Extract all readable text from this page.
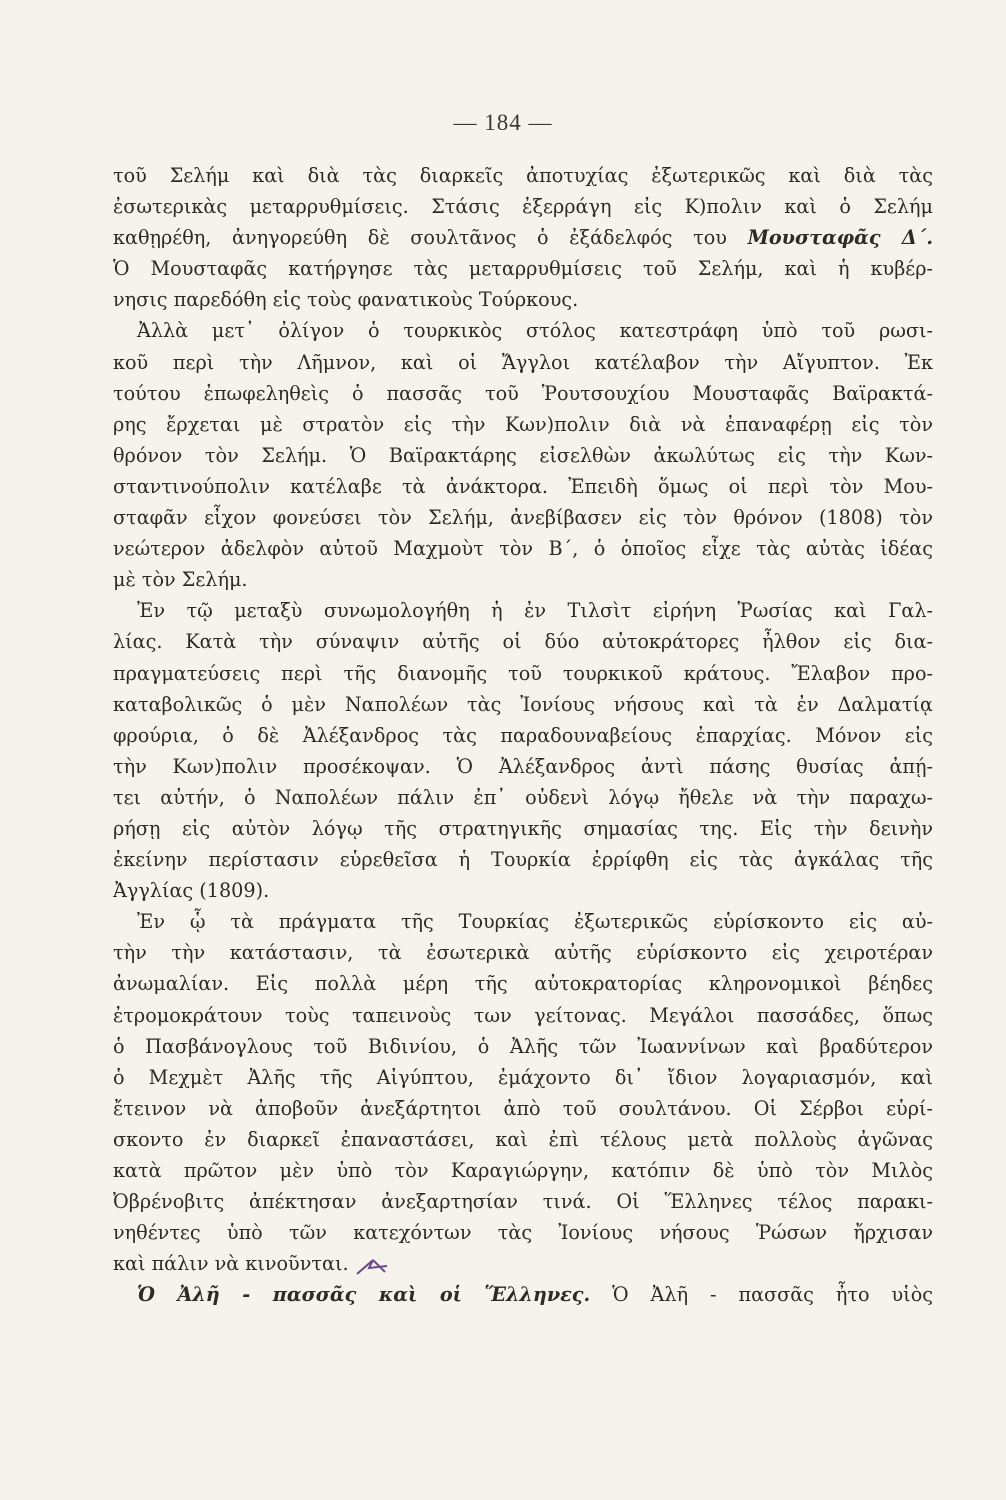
— 184 —
τοῦ Σελήμ καὶ διὰ τὰς διαρκεῖς ἀποτυχίας ἐξωτερικῶς καὶ διὰ τὰς
ἐσωτερικὰς μεταρρυθμίσεις. Στάσις ἐξερράγη εἰς Κ)πολιν καὶ ὁ Σελήμ
καθῃρέθη, ἀνηγορεύθη δὲ σουλτᾶνος ὁ ἐξάδελφός του Μουσταφᾶς Δ΄.
Ὁ Μουσταφᾶς κατήργησε τὰς μεταρρυθμίσεις τοῦ Σελήμ, καὶ ἡ κυβέρ-
νησις παρεδόθη εἰς τοὺς φανατικοὺς Τούρκους.
Ἀλλὰ μετ᾿ ὀλίγον ὁ τουρκικὸς στόλος κατεστράφη ὑπὸ τοῦ ρωσι-
κοῦ περὶ τὴν Λῆμνον, καὶ οἱ Ἄγγλοι κατέλαβον τὴν Αἴγυπτον. Ἐκ
τούτου ἐπωφεληθεὶς ὁ πασσᾶς τοῦ Ῥουτσουχίου Μουσταφᾶς Βαϊρακτά-
ρης ἔρχεται μὲ στρατὸν εἰς τὴν Κων)πολιν διὰ νὰ ἐπαναφέρῃ εἰς τὸν
θρόνον τὸν Σελήμ. Ὁ Βαϊρακτάρης εἰσελθὼν ἀκωλύτως εἰς τὴν Κων-
σταντινούπολιν κατέλαβε τὰ ἀνάκτορα. Ἐπειδὴ ὅμως οἱ περὶ τὸν Μου-
σταφᾶν εἶχον φονεύσει τὸν Σελήμ, ἀνεβίβασεν εἰς τὸν θρόνον (1808) τὸν
νεώτερον ἀδελφὸν αὐτοῦ Μαχμοὺτ τὸν Β΄, ὁ ὁποῖος εἶχε τὰς αὐτὰς ἰδέας
μὲ τὸν Σελήμ.
Ἐν τῷ μεταξὺ συνωμολογήθη ἡ ἐν Τιλσὶτ εἰρήνη Ῥωσίας καὶ Γαλ-
λίας. Κατὰ τὴν σύναψιν αὐτῆς οἱ δύο αὐτοκράτορες ἦλθον εἰς δια-
πραγματεύσεις περὶ τῆς διανομῆς τοῦ τουρκικοῦ κράτους. Ἔλαβον προ-
καταβολικῶς ὁ μὲν Ναπολέων τὰς Ἰονίους νήσους καὶ τὰ ἐν Δαλματίᾳ
φρούρια, ὁ δὲ Ἀλέξανδρος τὰς παραδουναβείους ἐπαρχίας. Μόνον εἰς
τὴν Κων)πολιν προσέκοψαν. Ὁ Ἀλέξανδρος ἀντὶ πάσης θυσίας ἀπῄ-
τει αὐτήν, ὁ Ναπολέων πάλιν ἐπ᾿ οὐδενὶ λόγῳ ἤθελε νὰ τὴν παραχω-
ρήσῃ εἰς αὐτὸν λόγῳ τῆς στρατηγικῆς σημασίας της. Εἰς τὴν δεινὴν
ἐκείνην περίστασιν εὑρεθεῖσα ἡ Τουρκία ἐρρίφθη εἰς τὰς ἀγκάλας τῆς
Ἀγγλίας (1809).
Ἐν ᾧ τὰ πράγματα τῆς Τουρκίας ἐξωτερικῶς εὑρίσκοντο εἰς αὐ-
τὴν τὴν κατάστασιν, τὰ ἐσωτερικὰ αὐτῆς εὑρίσκοντο εἰς χειροτέραν
ἀνωμαλίαν. Εἰς πολλὰ μέρη τῆς αὐτοκρατορίας κληρονομικοὶ βέηδες
ἐτρομοκράτουν τοὺς ταπεινοὺς των γείτονας. Μεγάλοι πασσάδες, ὅπως
ὁ Πασβάνογλους τοῦ Βιδινίου, ὁ Ἀλῆς τῶν Ἰωαννίνων καὶ βραδύτερον
ὁ Μεχμὲτ Ἀλῆς τῆς Αἰγύπτου, ἐμάχοντο δι᾿ ἴδιον λογαριασμόν, καὶ
ἔτεινον νὰ ἀποβοῦν ἀνεξάρτητοι ἀπὸ τοῦ σουλτάνου. Οἱ Σέρβοι εὑρί-
σκοντο ἐν διαρκεῖ ἐπαναστάσει, καὶ ἐπὶ τέλους μετὰ πολλοὺς ἀγῶνας
κατὰ πρῶτον μὲν ὑπὸ τὸν Καραγιώργην, κατόπιν δὲ ὑπὸ τὸν Μιλὸς
Ὀβρένοβιτς ἀπέκτησαν ἀνεξαρτησίαν τινά. Οἱ Ἕλληνες τέλος παρακι-
νηθέντες ὑπὸ τῶν κατεχόντων τὰς Ἰονίους νήσους Ῥώσων ἤρχισαν
καὶ πάλιν νὰ κινοῦνται.
Ὁ Ἀλῆ - πασσᾶς καὶ οἱ Ἕλληνες. Ὁ Ἀλῆ - πασσᾶς ἦτο υἱὸς
